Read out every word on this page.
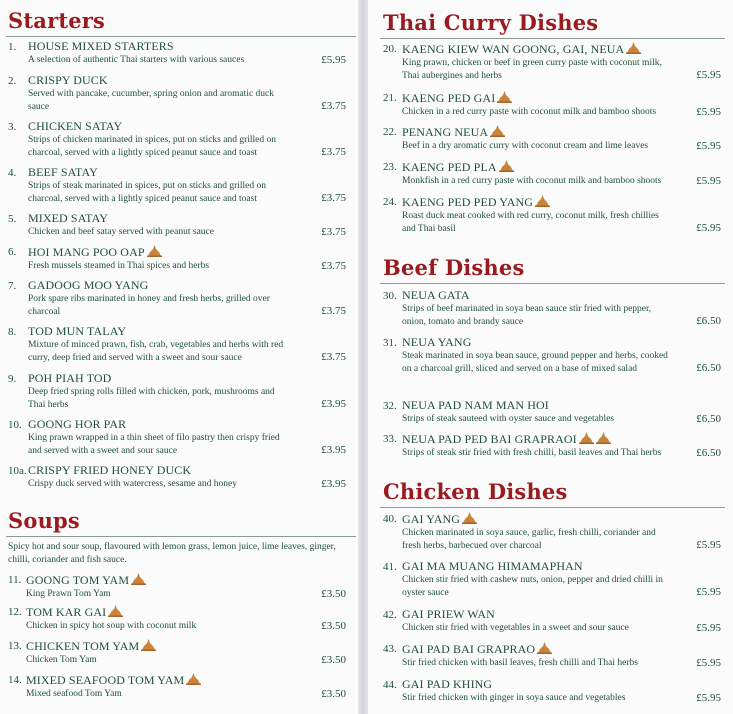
Starters
Soups
Spicy hot and sour soup, flavoured with lemon grass, lemon juice, lime leaves, ginger, chilli, coriander and fish sauce.
Thai Curry Dishes
Beef Dishes
Chicken Dishes
1. HOUSE MIXED STARTERS
A selection of authentic Thai starters with various sauces	£5.95
2. CRISPY DUCK
Served with pancake, cucumber, spring onion and aromatic duck sauce	£3.75
3. CHICKEN SATAY
Strips of chicken marinated in spices, put on sticks and grilled on charcoal, served with a lightly spiced peanut sauce and toast	£3.75
4. BEEF SATAY
Strips of steak marinated in spices, put on sticks and grilled on charcoal, served with a lightly spiced peanut sauce and toast	£3.75
5. MIXED SATAY
Chicken and beef satay served with peanut sauce	£3.75
6. HOI MANG POO OAP
Fresh mussels steamed in Thai spices and herbs	£3.75
7. GADOOG MOO YANG
Pork spare ribs marinated in honey and fresh herbs, grilled over charcoal	£3.75
8. TOD MUN TALAY
Mixture of minced prawn, fish, crab, vegetables and herbs with red curry, deep fried and served with a sweet and sour sauce	£3.75
9. POH PIAH TOD
Deep fried spring rolls filled with chicken, pork, mushrooms and Thai herbs	£3.95
10. GOONG HOR PAR
King prawn wrapped in a thin sheet of filo pastry then crispy fried and served with a sweet and sour sauce	£3.95
10a. CRISPY FRIED HONEY DUCK
Crispy duck served with watercress, sesame and honey	£3.95
11. GOONG TOM YAM
King Prawn Tom Yam	£3.50
12. TOM KAR GAI
Chicken in spicy hot soup with coconut milk	£3.50
13. CHICKEN TOM YAM
Chicken Tom Yam	£3.50
14. MIXED SEAFOOD TOM YAM
Mixed seafood Tom Yam	£3.50
20. KAENG KIEW WAN GOONG, GAI, NEUA
King prawn, chicken or beef in green curry paste with coconut milk, Thai aubergines and herbs	£5.95
21. KAENG PED GAI
Chicken in a red curry paste with coconut milk and bamboo shoots	£5.95
22. PENANG NEUA
Beef in a dry aromatic curry with coconut cream and lime leaves	£5.95
23. KAENG PED PLA
Monkfish in a red curry paste with coconut milk and bamboo shoots	£5.95
24. KAENG PED PED YANG
Roast duck meat cooked with red curry, coconut milk, fresh chillies and Thai basil	£5.95
30. NEUA GATA
Strips of beef marinated in soya bean sauce stir fried with pepper, onion, tomato and brandy sauce	£6.50
31. NEUA YANG
Steak marinated in soya bean sauce, ground pepper and herbs, cooked on a charcoal grill, sliced and served on a base of mixed salad	£6.50
32. NEUA PAD NAM MAN HOI
Strips of steak sauteed with oyster sauce and vegetables	£6.50
33. NEUA PAD PED BAI GRAPRAOI
Strips of steak stir fried with fresh chilli, basil leaves and Thai herbs	£6.50
40. GAI YANG
Chicken marinated in soya sauce, garlic, fresh chilli, coriander and fresh herbs, barbecued over charcoal	£5.95
41. GAI MA MUANG HIMAMAPHAN
Chicken stir fried with cashew nuts, onion, pepper and dried chilli in oyster sauce	£5.95
42. GAI PRIEW WAN
Chicken stir fried with vegetables in a sweet and sour sauce	£5.95
43. GAI PAD BAI GRAPRAO
Stir fried chicken with basil leaves, fresh chilli and Thai herbs	£5.95
44. GAI PAD KHING
Stir fried chicken with ginger in soya sauce and vegetables	£5.95
